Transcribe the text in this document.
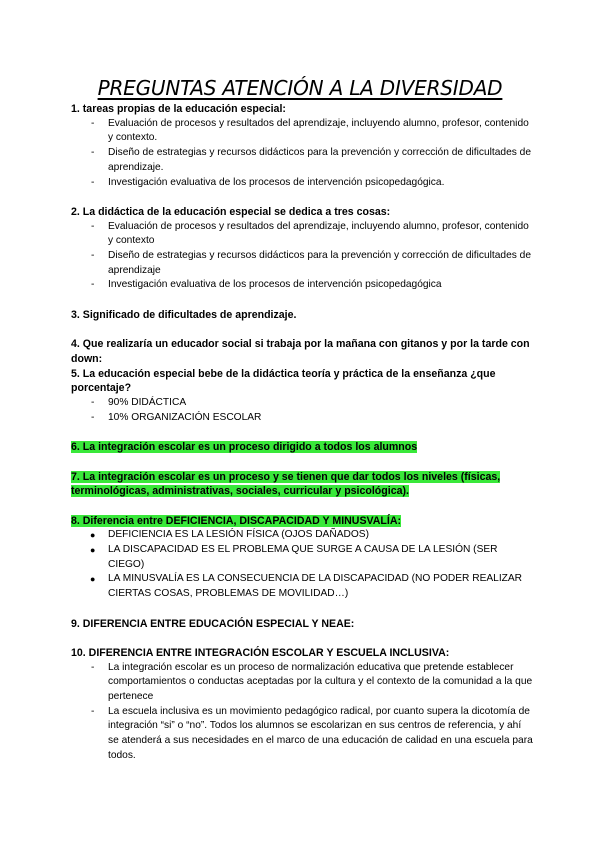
PREGUNTAS ATENCIÓN A LA DIVERSIDAD

1. tareas propias de la educación especial:

- Evaluación de procesos y resultados del aprendizaje, incluyendo alumno, profesor, contenido y contexto.
- Diseño de estrategias y recursos didácticos para la prevención y corrección de dificultades de aprendizaje.
- Investigación evaluativa de los procesos de intervención psicopedagógica.

2. La didáctica de la educación especial se dedica a tres cosas:

- Evaluación de procesos y resultados del aprendizaje, incluyendo alumno, profesor, contenido y contexto
- Diseño de estrategias y recursos didácticos para la prevención y corrección de dificultades de aprendizaje
- Investigación evaluativa de los procesos de intervención psicopedagógica

3. Significado de dificultades de aprendizaje.

4. Que realizaría un educador social si trabaja por la mañana con gitanos y por la tarde con down:

5. La educación especial bebe de la didáctica teoría y práctica de la enseñanza ¿que porcentaje?

- 90% DIDÁCTICA
- 10% ORGANIZACIÓN ESCOLAR

6. La integración escolar es un proceso dirigido a todos los alumnos

7. La integración escolar es un proceso y se tienen que dar todos los niveles (físicas, terminológicas, administrativas, sociales, curricular y psicológica).

8. Diferencia entre DEFICIENCIA, DISCAPACIDAD Y MINUSVALÍA:

● DEFICIENCIA ES LA LESIÓN FÍSICA (OJOS DAÑADOS)
● LA DISCAPACIDAD ES EL PROBLEMA QUE SURGE A CAUSA DE LA LESIÓN (SER CIEGO)
● LA MINUSVALÍA ES LA CONSECUENCIA DE LA DISCAPACIDAD (NO PODER REALIZAR CIERTAS COSAS, PROBLEMAS DE MOVILIDAD…)

9. DIFERENCIA ENTRE EDUCACIÓN ESPECIAL Y NEAE:

10. DIFERENCIA ENTRE INTEGRACIÓN ESCOLAR Y ESCUELA INCLUSIVA:

- La integración escolar es un proceso de normalización educativa que pretende establecer comportamientos o conductas aceptadas por la cultura y el contexto de la comunidad a la que pertenece
- La escuela inclusiva es un movimiento pedagógico radical, por cuanto supera la dicotomía de integración “si” o “no”. Todos los alumnos se escolarizan en sus centros de referencia, y ahí se atenderá a sus necesidades en el marco de una educación de calidad en una escuela para todos.
